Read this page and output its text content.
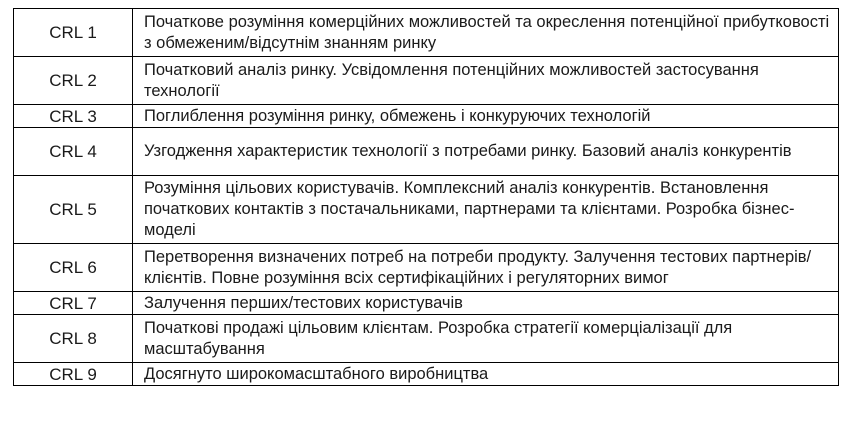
CRL 1	Початкове розуміння комерційних можливостей та окреслення потенційної прибутковості з обмеженим/відсутнім знанням ринку
CRL 2	Початковий аналіз ринку. Усвідомлення потенційних можливостей застосування технології
CRL 3	Поглиблення розуміння ринку, обмежень і конкуруючих технологій
CRL 4	Узгодження характеристик технології з потребами ринку. Базовий аналіз конкурентів
CRL 5	Розуміння цільових користувачів. Комплексний аналіз конкурентів. Встановлення початкових контактів з постачальниками, партнерами та клієнтами. Розробка бізнес-моделі
CRL 6	Перетворення визначених потреб на потреби продукту. Залучення тестових партнерів/клієнтів. Повне розуміння всіх сертифікаційних і регуляторних вимог
CRL 7	Залучення перших/тестових користувачів
CRL 8	Початкові продажі цільовим клієнтам. Розробка стратегії комерціалізації для масштабування
CRL 9	Досягнуто широкомасштабного виробництва
